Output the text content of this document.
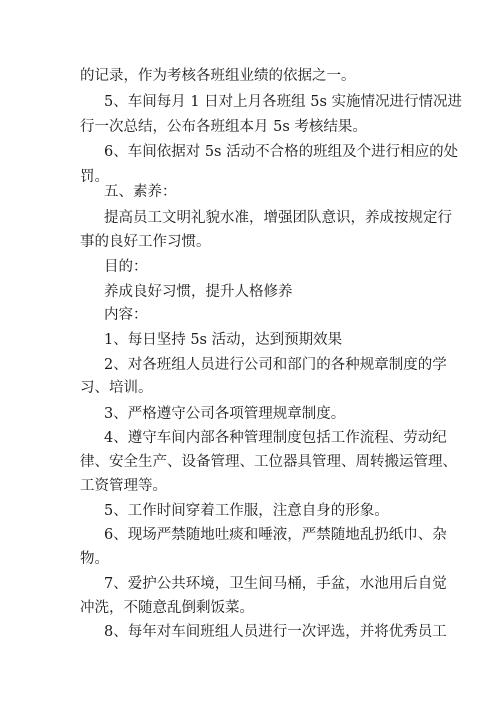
的记录，作为考核各班组业绩的依据之一。

5、车间每月 1 日对上月各班组 5s 实施情况进行情况进

行一次总结，公布各班组本月 5s 考核结果。

6、车间依据对 5s 活动不合格的班组及个进行相应的处

罚。

五、素养：

提高员工文明礼貌水准，增强团队意识，养成按规定行

事的良好工作习惯。

目的：

养成良好习惯，提升人格修养

内容：

1、每日坚持 5s 活动，达到预期效果

2、对各班组人员进行公司和部门的各种规章制度的学

习、培训。

3、严格遵守公司各项管理规章制度。

4、遵守车间内部各种管理制度包括工作流程、劳动纪

律、安全生产、设备管理、工位器具管理、周转搬运管理、

工资管理等。

5、工作时间穿着工作服，注意自身的形象。

6、现场严禁随地吐痰和唾液，严禁随地乱扔纸巾、杂

物。

7、爱护公共环境，卫生间马桶，手盆，水池用后自觉

冲洗，不随意乱倒剩饭菜。

8、每年对车间班组人员进行一次评选，并将优秀员工
